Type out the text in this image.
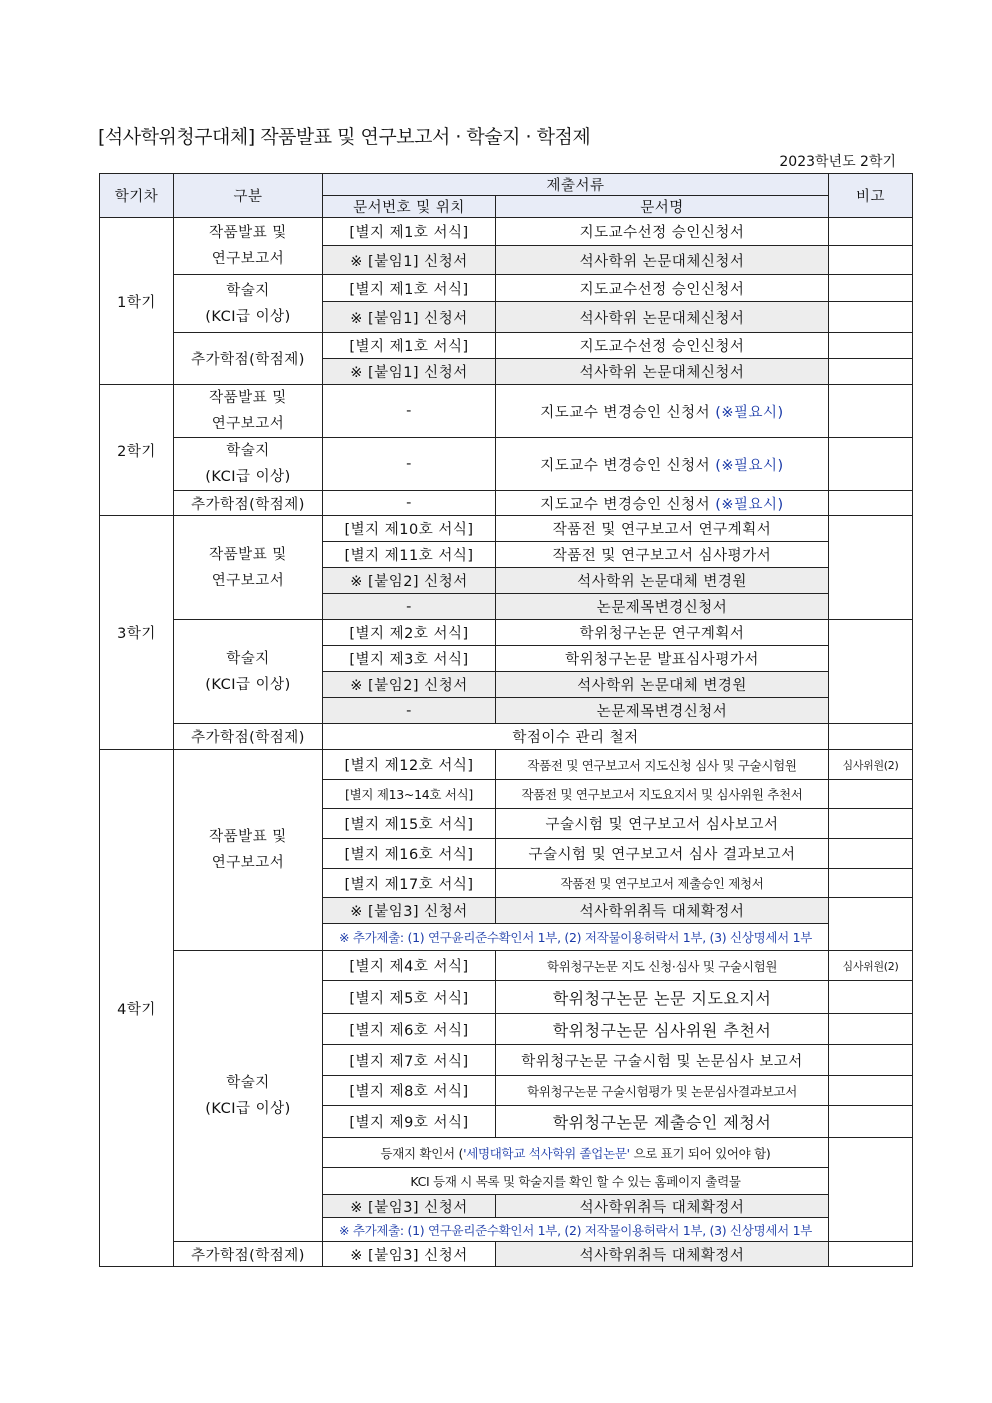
[석사학위청구대체] 작품발표 및 연구보고서 · 학술지 · 학점제
2023학년도 2학기
학기차	구분	제출서류		비고
		문서번호 및 위치	문서명	
1학기	작품발표 및
연구보고서	[별지 제1호 서식]	지도교수선정 승인신청서	
		※ [붙임1] 신청서	석사학위 논문대체신청서	
	학술지
(KCI급 이상)	[별지 제1호 서식]	지도교수선정 승인신청서	
		※ [붙임1] 신청서	석사학위 논문대체신청서	
	추가학점(학점제)	[별지 제1호 서식]	지도교수선정 승인신청서	
		※ [붙임1] 신청서	석사학위 논문대체신청서	
2학기	작품발표 및
연구보고서	-	지도교수 변경승인 신청서 (※필요시)	
	학술지
(KCI급 이상)	-	지도교수 변경승인 신청서 (※필요시)	
	추가학점(학점제)	-	지도교수 변경승인 신청서 (※필요시)	
3학기	작품발표 및
연구보고서	[별지 제10호 서식]	작품전 및 연구보고서 연구계획서	
		[별지 제11호 서식]	작품전 및 연구보고서 심사평가서	
		※ [붙임2] 신청서	석사학위 논문대체 변경원	
		-	논문제목변경신청서	
	학술지
(KCI급 이상)	[별지 제2호 서식]	학위청구논문 연구계획서	
		[별지 제3호 서식]	학위청구논문 발표심사평가서	
		※ [붙임2] 신청서	석사학위 논문대체 변경원	
		-	논문제목변경신청서	
	추가학점(학점제)	학점이수 관리 철저		
4학기	작품발표 및
연구보고서	[별지 제12호 서식]	작품전 및 연구보고서 지도신청 심사 및 구술시험원	심사위원(2)
		[별지 제13~14호 서식]	작품전 및 연구보고서 지도요지서 및 심사위원 추천서	
		[별지 제15호 서식]	구술시험 및 연구보고서 심사보고서	
		[별지 제16호 서식]	구술시험 및 연구보고서 심사 결과보고서	
		[별지 제17호 서식]	작품전 및 연구보고서 제출승인 제청서	
		※ [붙임3] 신청서	석사학위취득 대체확정서	
		※ 추가제출: (1) 연구윤리준수확인서 1부, (2) 저작물이용허락서 1부, (3) 신상명세서 1부		
	학술지
(KCI급 이상)	[별지 제4호 서식]	학위청구논문 지도 신청·심사 및 구술시험원	심사위원(2)
		[별지 제5호 서식]	학위청구논문 논문 지도요지서	
		[별지 제6호 서식]	학위청구논문 심사위원 추천서	
		[별지 제7호 서식]	학위청구논문 구술시험 및 논문심사 보고서	
		[별지 제8호 서식]	학위청구논문 구술시험평가 및 논문심사결과보고서	
		[별지 제9호 서식]	학위청구논문 제출승인 제청서	
		등재지 확인서 ('세명대학교 석사학위 졸업논문' 으로 표기 되어 있어야 함)		
		KCI 등재 시 목록 및 학술지를 확인 할 수 있는 홈페이지 출력물		
		※ [붙임3] 신청서	석사학위취득 대체확정서	
		※ 추가제출: (1) 연구윤리준수확인서 1부, (2) 저작물이용허락서 1부, (3) 신상명세서 1부		
	추가학점(학점제)	※ [붙임3] 신청서	석사학위취득 대체확정서	
